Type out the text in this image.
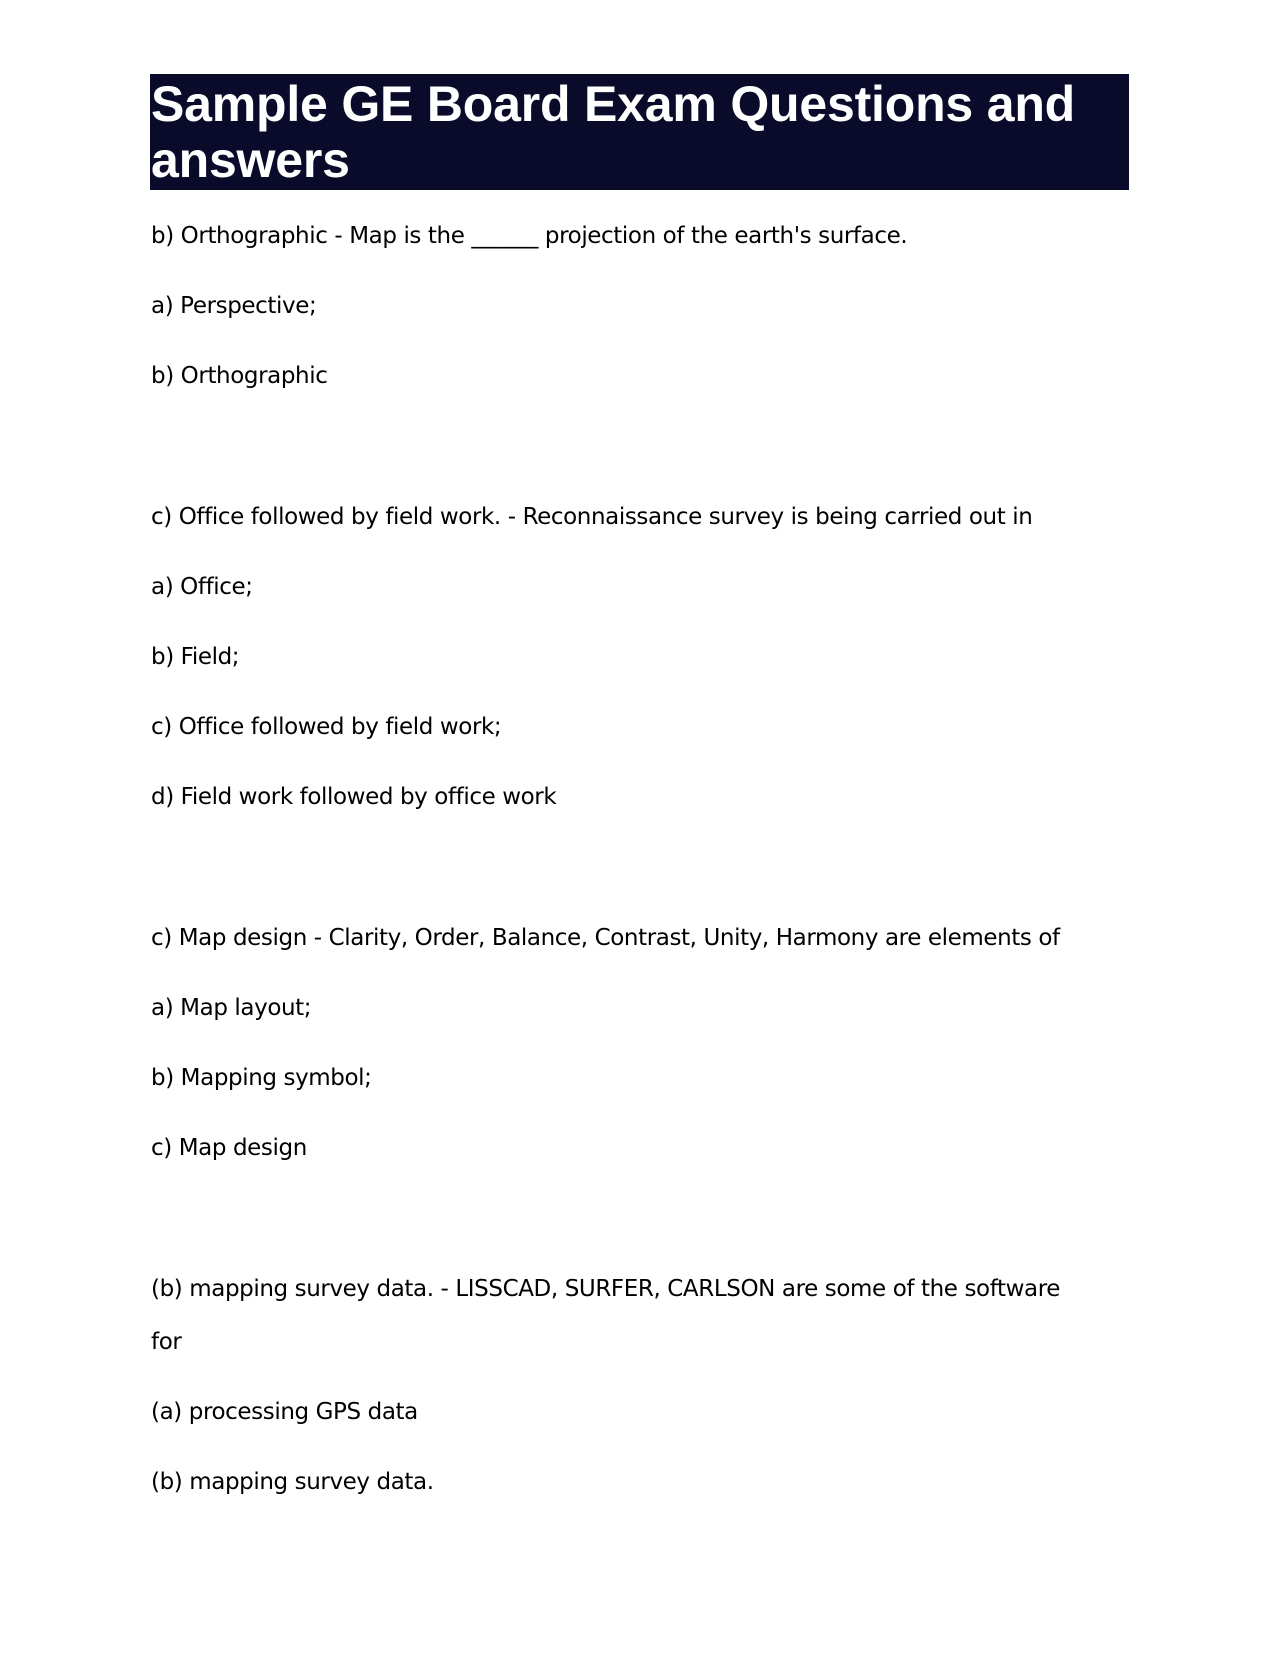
Sample GE Board Exam Questions and answers

b) Orthographic - Map is the ______ projection of the earth's surface.

a) Perspective;

b) Orthographic

c) Office followed by field work. - Reconnaissance survey is being carried out in

a) Office;

b) Field;

c) Office followed by field work;

d) Field work followed by office work

c) Map design - Clarity, Order, Balance, Contrast, Unity, Harmony are elements of

a) Map layout;

b) Mapping symbol;

c) Map design

(b) mapping survey data. - LISSCAD, SURFER, CARLSON are some of the software

for

(a) processing GPS data

(b) mapping survey data.
